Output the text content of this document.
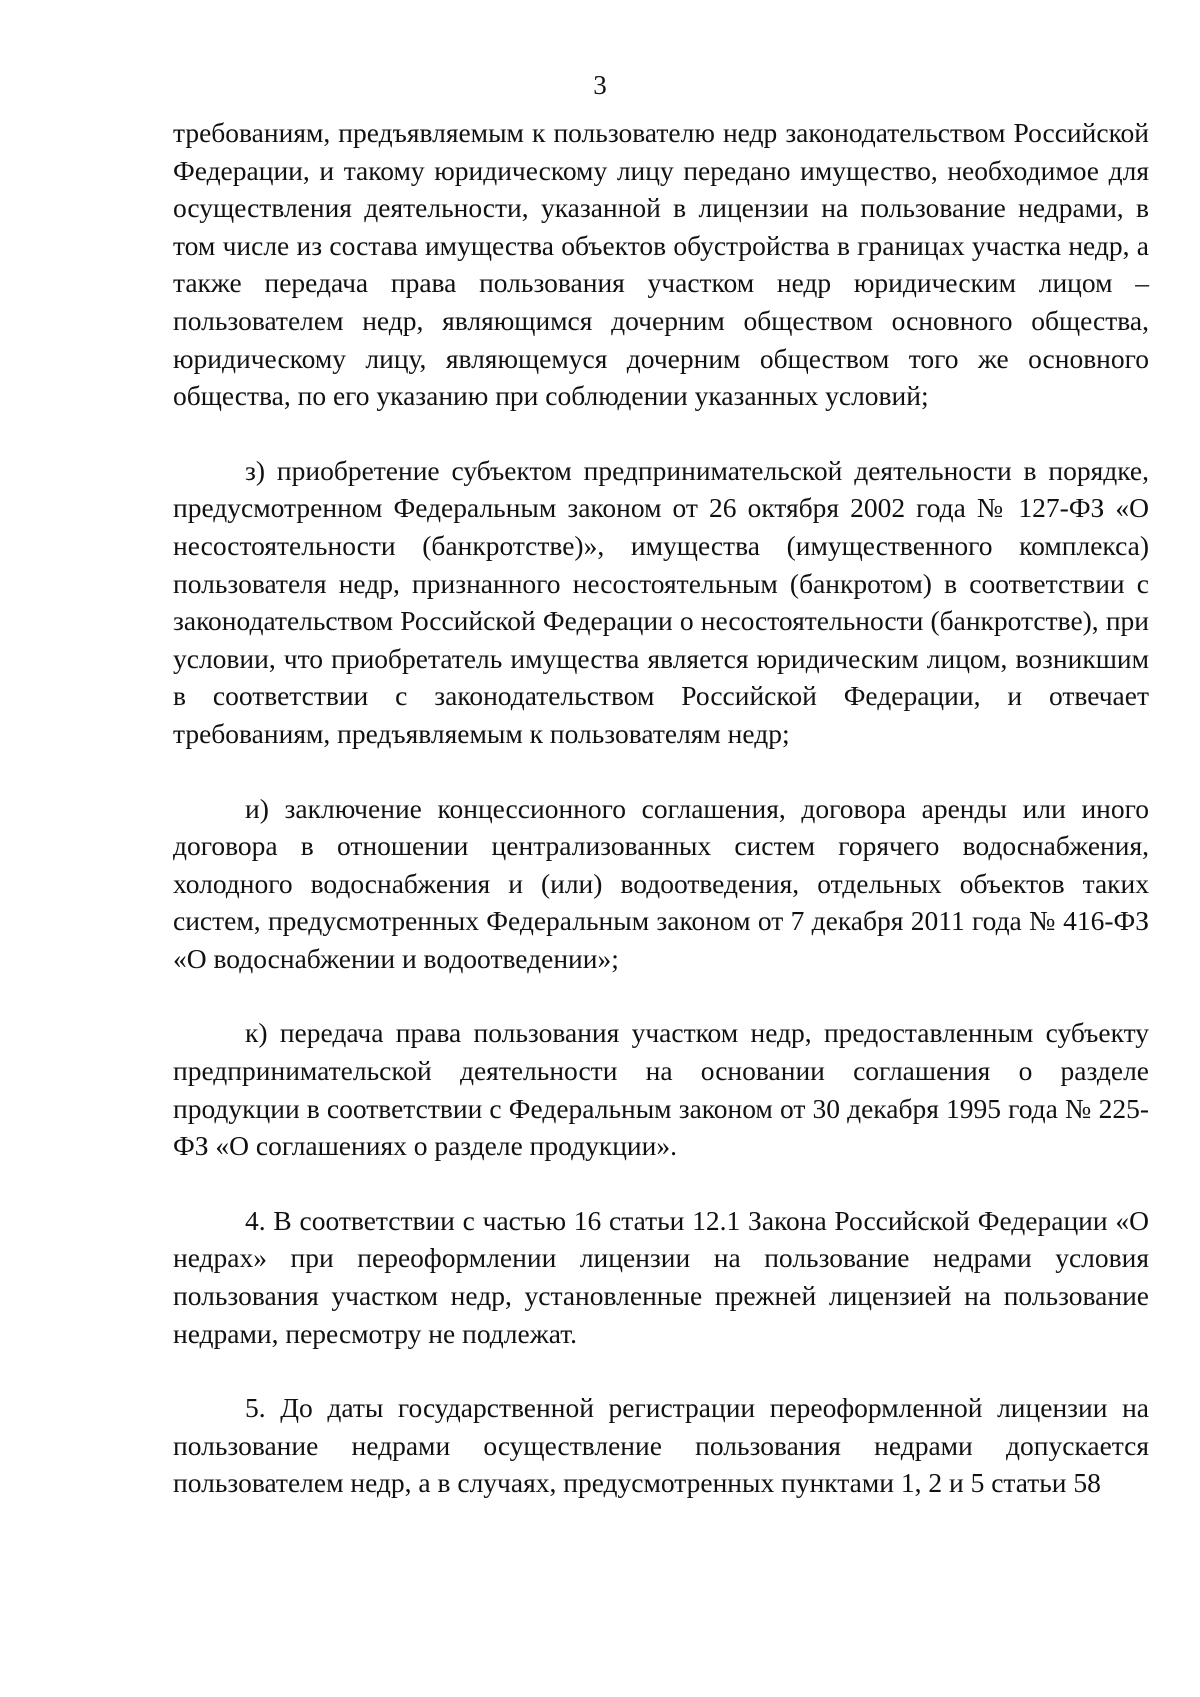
3

требованиям, предъявляемым к пользователю недр законодательством Российской Федерации, и такому юридическому лицу передано имущество, необходимое для осуществления деятельности, указанной в лицензии на пользование недрами, в том числе из состава имущества объектов обустройства в границах участка недр, а также передача права пользования участком недр юридическим лицом – пользователем недр, являющимся дочерним обществом основного общества, юридическому лицу, являющемуся дочерним обществом того же основного общества, по его указанию при соблюдении указанных условий;

з) приобретение субъектом предпринимательской деятельности в порядке, предусмотренном Федеральным законом от 26 октября 2002 года № 127-ФЗ «О несостоятельности (банкротстве)», имущества (имущественного комплекса) пользователя недр, признанного несостоятельным (банкротом) в соответствии с законодательством Российской Федерации о несостоятельности (банкротстве), при условии, что приобретатель имущества является юридическим лицом, возникшим в соответствии с законодательством Российской Федерации, и отвечает требованиям, предъявляемым к пользователям недр;

и) заключение концессионного соглашения, договора аренды или иного договора в отношении централизованных систем горячего водоснабжения, холодного водоснабжения и (или) водоотведения, отдельных объектов таких систем, предусмотренных Федеральным законом от 7 декабря 2011 года № 416-ФЗ «О водоснабжении и водоотведении»;

к) передача права пользования участком недр, предоставленным субъекту предпринимательской деятельности на основании соглашения о разделе продукции в соответствии с Федеральным законом от 30 декабря 1995 года № 225-ФЗ «О соглашениях о разделе продукции».

4. В соответствии с частью 16 статьи 12.1 Закона Российской Федерации «О недрах» при переоформлении лицензии на пользование недрами условия пользования участком недр, установленные прежней лицензией на пользование недрами, пересмотру не подлежат.

5. До даты государственной регистрации переоформленной лицензии на пользование недрами осуществление пользования недрами допускается пользователем недр, а в случаях, предусмотренных пунктами 1, 2 и 5 статьи 58
